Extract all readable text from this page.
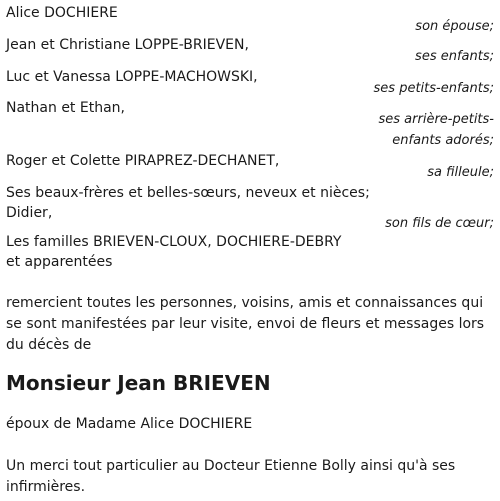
Alice DOCHIERE
son épouse;
Jean et Christiane LOPPE-BRIEVEN,
ses enfants;
Luc et Vanessa LOPPE-MACHOWSKI,
ses petits-enfants;
Nathan et Ethan,
ses arrière-petits-
enfants adorés;
Roger et Colette PIRAPREZ-DECHANET,
sa filleule;
Ses beaux-frères et belles-sœurs, neveux et nièces;
Didier,
son fils de cœur;
Les familles BRIEVEN-CLOUX, DOCHIERE-DEBRY
et apparentées
remercient toutes les personnes, voisins, amis et connaissances qui se sont manifestées par leur visite, envoi de fleurs et messages lors du décès de
Monsieur Jean BRIEVEN
époux de Madame Alice DOCHIERE
Un merci tout particulier au Docteur Etienne Bolly ainsi qu'à ses infirmières.
